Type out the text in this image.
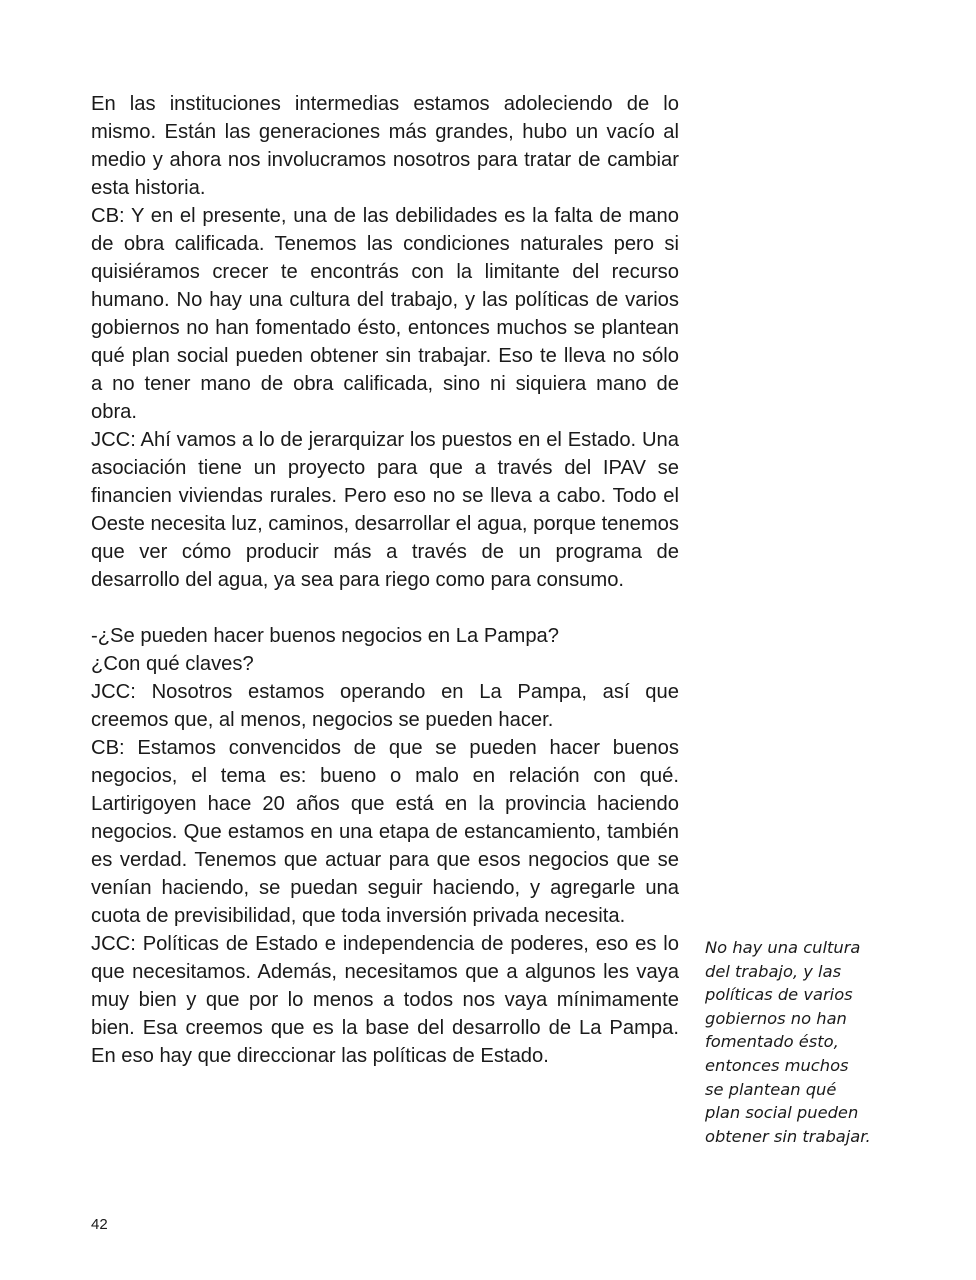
En las instituciones intermedias estamos adoleciendo de lo mismo. Están las generaciones más grandes, hubo un vacío al medio y ahora nos involucramos nosotros para tratar de cambiar esta historia.

CB: Y en el presente, una de las debilidades es la falta de mano de obra calificada. Tenemos las condiciones naturales pero si quisiéramos crecer te encontrás con la limitante del recurso humano. No hay una cultura del trabajo, y las políticas de varios gobiernos no han fomentado ésto, entonces muchos se plantean qué plan social pueden obtener sin trabajar. Eso te lleva no sólo a no tener mano de obra calificada, sino ni siquiera mano de obra.

JCC: Ahí vamos a lo de jerarquizar los puestos en el Estado. Una asociación tiene un proyecto para que a través del IPAV se financien viviendas rurales. Pero eso no se lleva a cabo. Todo el Oeste necesita luz, caminos, desarrollar el agua, porque tenemos que ver cómo producir más a través de un programa de desarrollo del agua, ya sea para riego como para consumo.

-¿Se pueden hacer buenos negocios en La Pampa?

¿Con qué claves?

JCC: Nosotros estamos operando en La Pampa, así que creemos que, al menos, negocios se pueden hacer.

CB: Estamos convencidos de que se pueden hacer buenos negocios, el tema es: bueno o malo en relación con qué. Lartirigoyen hace 20 años que está en la provincia haciendo negocios. Que estamos en una etapa de estancamiento, también es verdad. Tenemos que actuar para que esos negocios que se venían haciendo, se puedan seguir haciendo, y agregarle una cuota de previsibilidad, que toda inversión privada necesita.

JCC: Políticas de Estado e independencia de poderes, eso es lo que necesitamos. Además, necesitamos que a algunos les vaya muy bien y que por lo menos a todos nos vaya mínimamente bien. Esa creemos que es la base del desarrollo de La Pampa. En eso hay que direccionar las políticas de Estado.

No hay una cultura
del trabajo, y las
políticas de varios
gobiernos no han
fomentado ésto,
entonces muchos
se plantean qué
plan social pueden
obtener sin trabajar.
42
